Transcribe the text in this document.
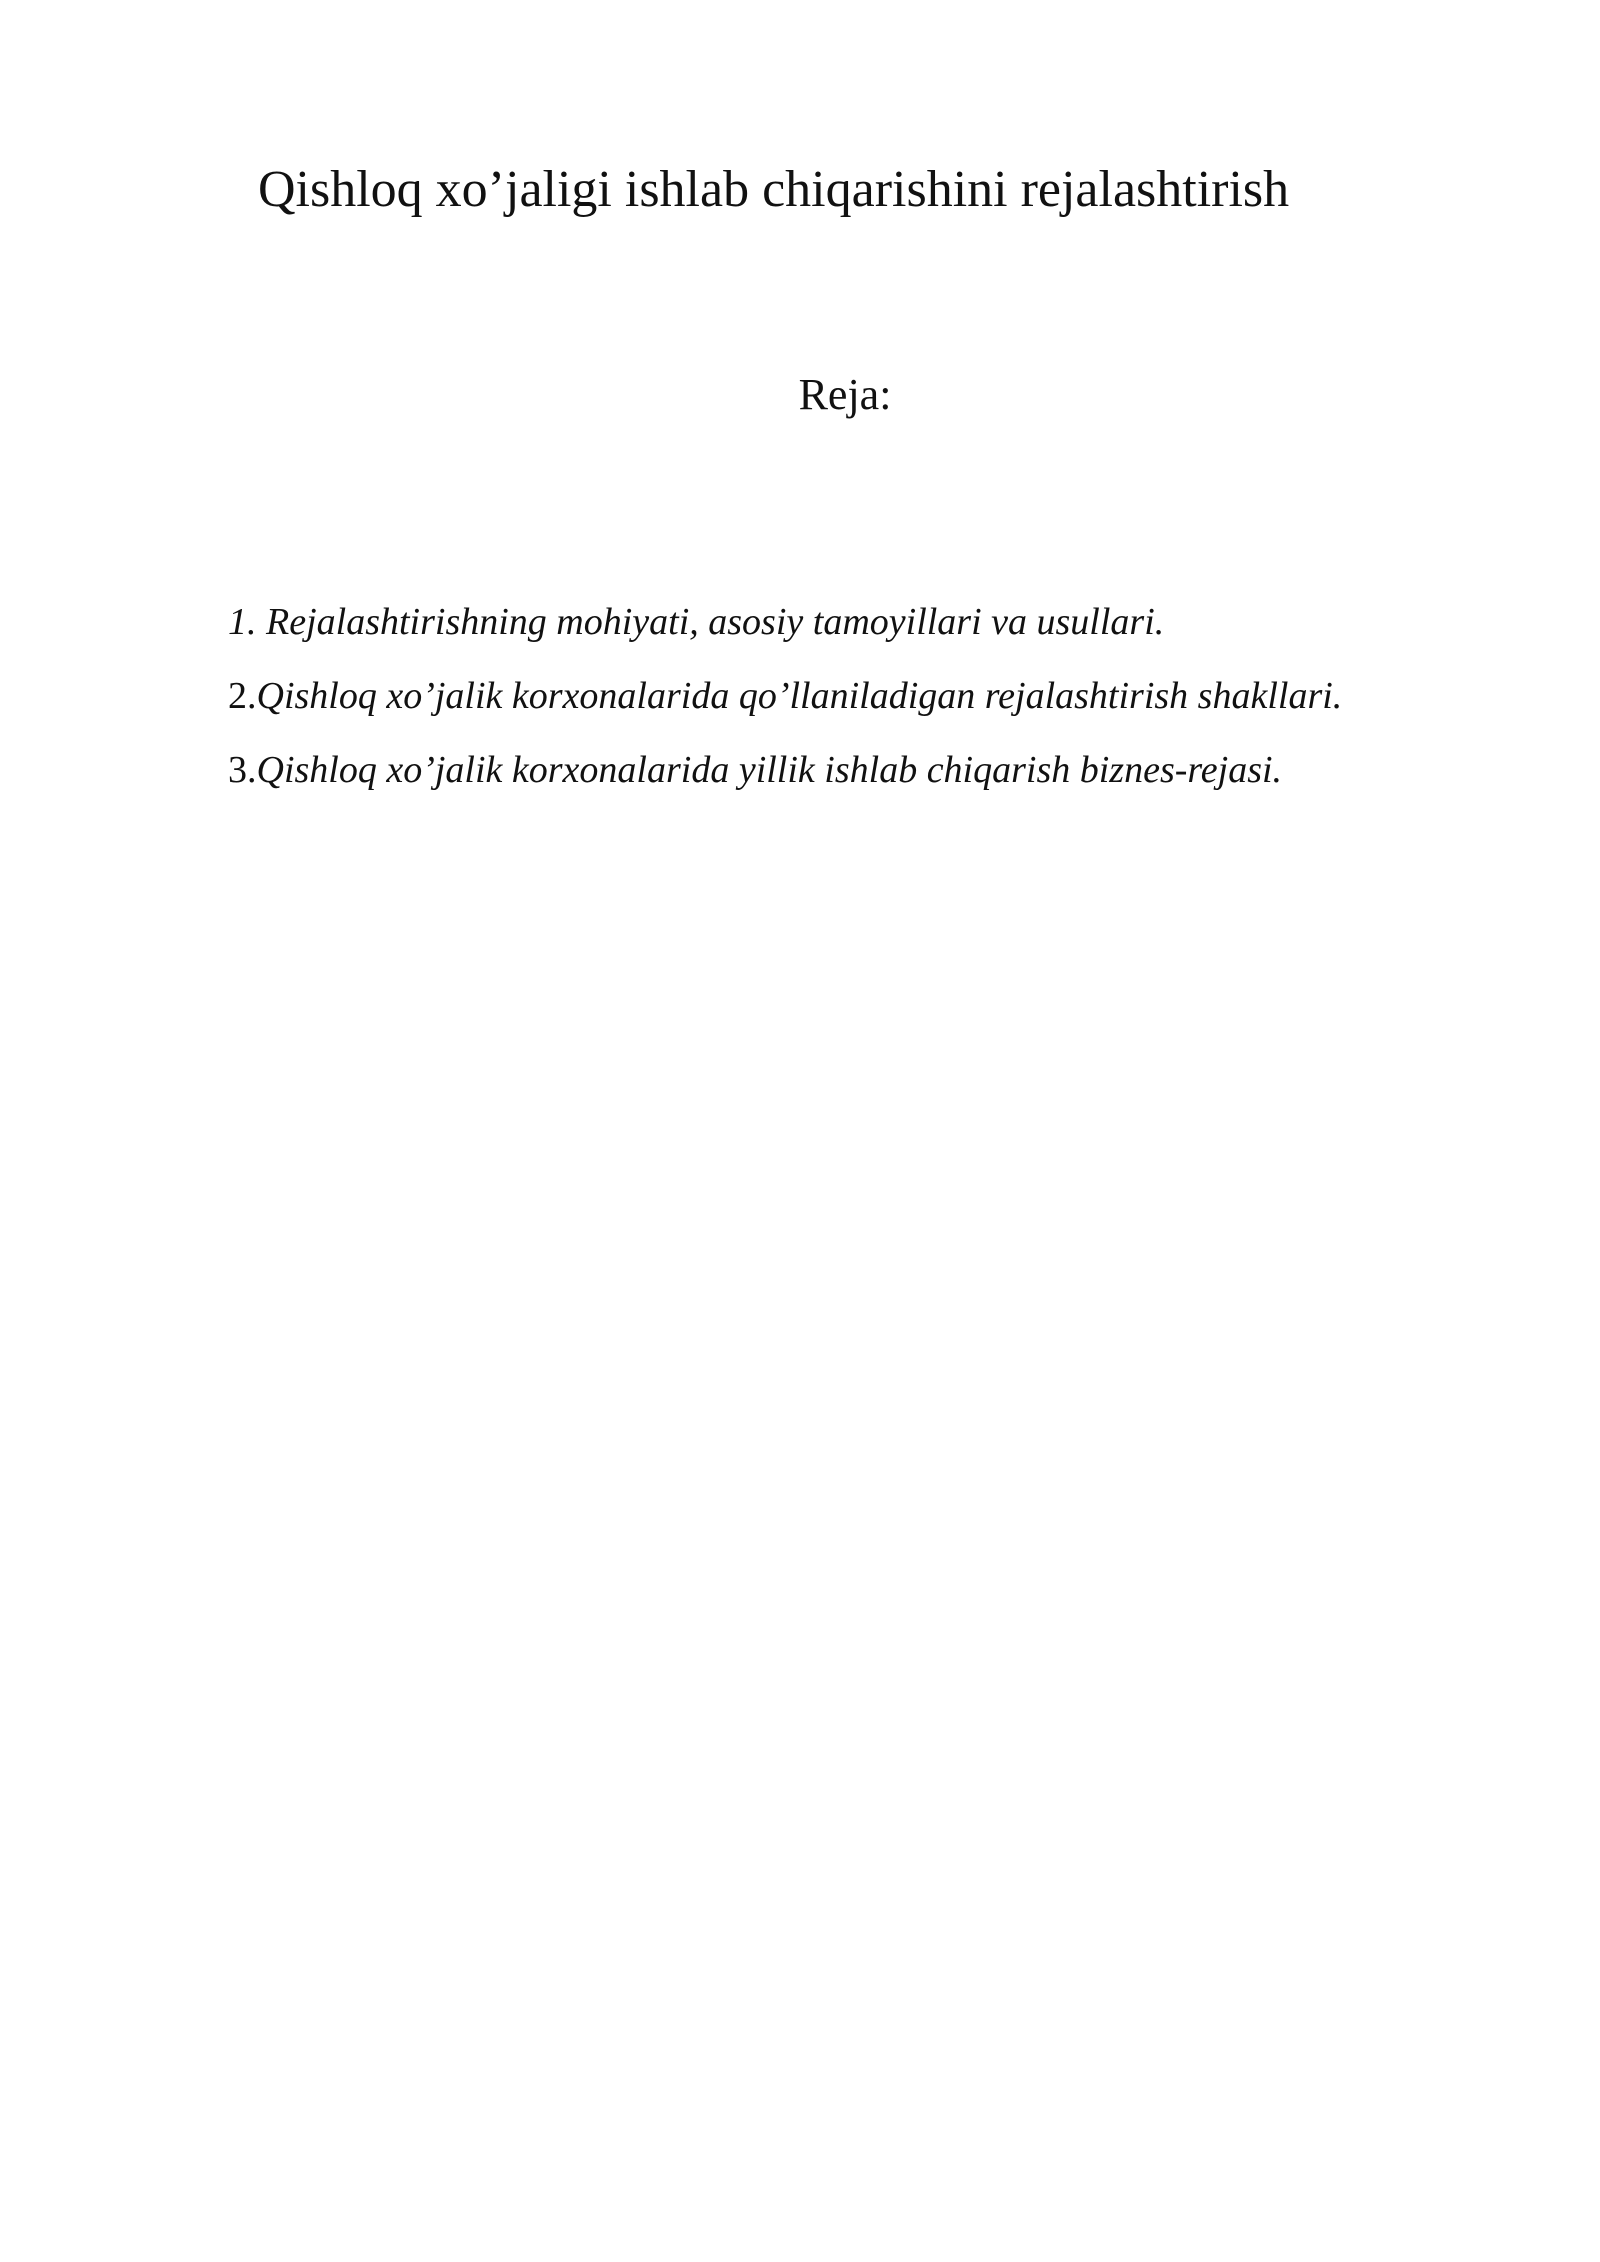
Qishloq xo’jaligi ishlab chiqarishini rejalashtirish
Reja:
1. Rejalashtirishning mohiyati, asosiy tamoyillari va usullari.
2.Qishloq xo’jalik korxonalarida qo’llaniladigan rejalashtirish shakllari.
3.Qishloq xo’jalik korxonalarida yillik ishlab chiqarish biznes-rejasi.
